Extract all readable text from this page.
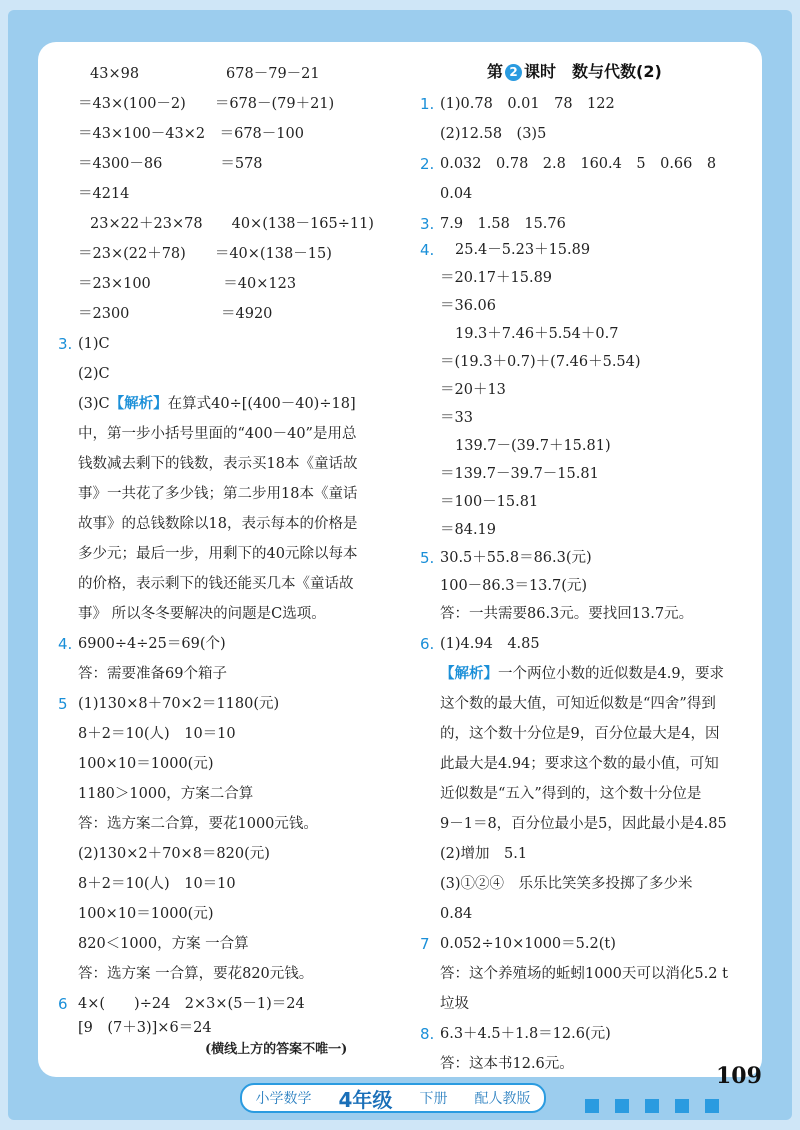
43×98　　　　　　678－79－21
＝43×(100－2)　　＝678－(79＋21)
＝43×100－43×2　＝678－100
＝4300－86　　　　＝578
＝4214
23×22＋23×78　　40×(138－165÷11)
＝23×(22＋78)　　＝40×(138－15)
＝23×100　　　　　＝40×123
＝2300　　　　　　 ＝4920
3. (1)C
(2)C
(3)C【解析】在算式40÷[(400－40)÷18]
中，第一步小括号里面的“400－40”是用总
钱数减去剩下的钱数，表示买18本《童话故
事》一共花了多少钱；第二步用18本《童话
故事》的总钱数除以18，表示每本的价格是
多少元；最后一步，用剩下的40元除以每本
的价格，表示剩下的钱还能买几本《童话故
事》 所以冬冬要解决的问题是C选项。
4. 6900÷4÷25＝69(个)
答：需要准备69个箱子
5 (1)130×8＋70×2＝1180(元)
8＋2＝10(人)　10＝10
100×10＝1000(元)
1180＞1000，方案二合算
答：选方案二合算，要花1000元钱。
(2)130×2＋70×8＝820(元)
8＋2＝10(人)　10＝10
100×10＝1000(元)
820＜1000，方案 一合算
答：选方案 一合算，要花820元钱。
6 4×(　　)÷24　2×3×(5－1)＝24
[9　(7＋3)]×6＝24
第 2 课时　数与代数(2)
1. (1)0.78　0.01　78　122
(2)12.58　(3)5
2. 0.032　0.78　2.8　160.4　5　0.66　8
0.04
3. 7.9　1.58　15.76
4. 25.4－5.23＋15.89
＝20.17＋15.89
＝36.06
19.3＋7.46＋5.54＋0.7
＝(19.3＋0.7)＋(7.46＋5.54)
＝20＋13
＝33
139.7－(39.7＋15.81)
＝139.7－39.7－15.81
＝100－15.81
＝84.19
5. 30.5＋55.8＝86.3(元)
100－86.3＝13.7(元)
答：一共需要86.3元。要找回13.7元。
6. (1)4.94　4.85
【解析】一个两位小数的近似数是4.9，要求
这个数的最大值，可知近似数是“四舍”得到
的，这个数十分位是9，百分位最大是4，因
此最大是4.94；要求这个数的最小值，可知
近似数是“五入”得到的，这个数十分位是
9－1＝8，百分位最小是5，因此最小是4.85
(2)增加　5.1
(3)①②④　乐乐比笑笑多投掷了多少米
0.84
7 0.052÷10×1000＝5.2(t)
答：这个养殖场的蚯蚓1000天可以消化5.2 t
垃圾
8. 6.3＋4.5＋1.8＝12.6(元)
答：这本书12.6元。
(横线上方的答案不唯一)
109
小学数学 4年级 下册 配人教版
